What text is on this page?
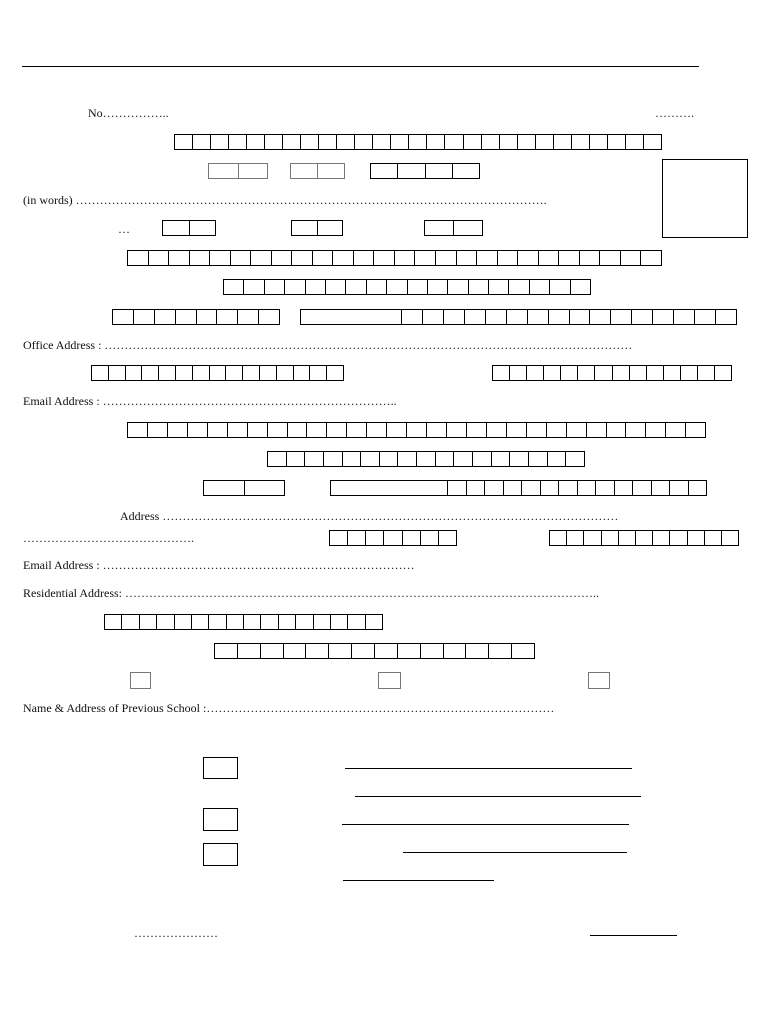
No……………..	……….
(in words) ……………………………………………………………………………………………………….
…
Office Address : ……………………………………………………………………………………………………………………
Email Address : ………………………………………………………………..
Address ……………………………………………………………………………………………………
…………………………………….
Email Address : ……………………………………………………………………
Residential Address: ………………………………………………………………………………………………………..
Name & Address of Previous School :……………………………………………………………………………
…………………
